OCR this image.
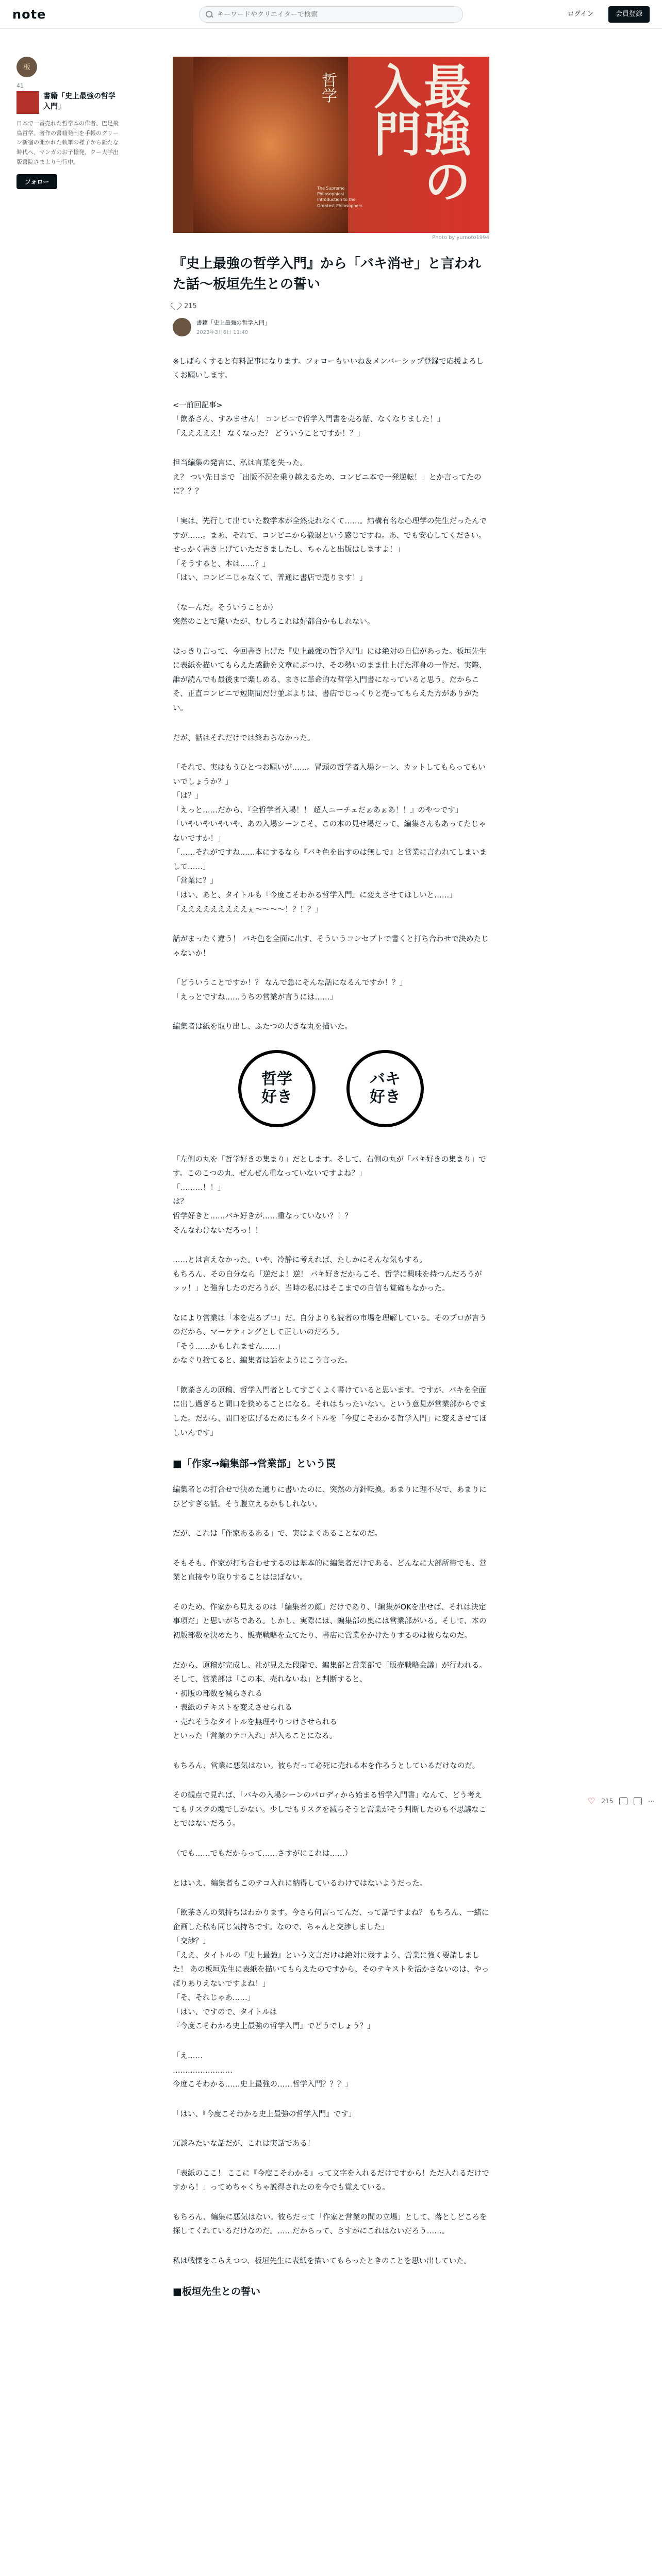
note
キーワードやクリエイターで検索	ログイン	会員登録
板
41
書籍「史上最強の哲学入門」
日本で一番売れた哲学本の作者、巴足飛鳥哲学。著作の書籍発刊を手帳のグリーン新宿の開かれた執筆の様子から新たな時代へ、マンガのお子様発、クー大学出版書院さまより刊行中。
フォロー
哲学	最強の入門
The Supreme Philosophical Introduction to the Greatest Philosophers
Photo by yumoto1994
『史上最強の哲学入門』から「バキ消せ」と言われた話〜板垣先生との誓い
215
書籍「史上最強の哲学入門」
2023年3月6日 11:40

※しばらくすると有料記事になります。フォローもいいね＆メンバーシップ登録で応援よろしくお願いします。

<一前回記事>
「飲茶さん、すみません！ コンビニで哲学入門書を売る話、なくなりました！」
「えええええ！ なくなった？ どういうことですか！？」

担当編集の発言に、私は言葉を失った。
え？ つい先日まで「出版不況を乗り越えるため、コンビニ本で一発逆転！」とか言ってたのに？？？

「実は、先行して出ていた数学本が全然売れなくて……。結構有名な心理学の先生だったんですが……。まあ、それで、コンビニから撤退という感じですね。あ、でも安心してください。せっかく書き上げていただきましたし、ちゃんと出版はしますよ！」
「そうすると、本は……？」
「はい、コンビニじゃなくて、普通に書店で売ります！」

（なーんだ。そういうことか）
突然のことで驚いたが、むしろこれは好都合かもしれない。

はっきり言って、今回書き上げた『史上最強の哲学入門』には絶対の自信があった。板垣先生に表紙を描いてもらえた感動を文章にぶつけ、その勢いのまま仕上げた渾身の一作だ。実際、誰が読んでも最後まで楽しめる、まさに革命的な哲学入門書になっていると思う。だからこそ、正直コンビニで短期間だけ並ぶよりは、書店でじっくりと売ってもらえた方がありがたい。

だが、話はそれだけでは終わらなかった。

「それで、実はもうひとつお願いが……。冒頭の哲学者入場シーン、カットしてもらってもいいでしょうか？」
「は？」
「えっと……だから、『全哲学者入場！！ 超人ニーチェだぁあぁあ！！』のやつです」
「いやいやいやいや、あの入場シーンこそ、この本の見せ場だって、編集さんもあってたじゃないですか！」
「……それがですね……本にするなら『バキ色を出すのは無しで』と営業に言われてしまいまして……」
「営業に？」
「はい、あと、タイトルも『今度こそわかる哲学入門』に変えさせてほしいと……」
「えええええええええぇ〜〜〜〜！？！？」

話がまったく違う！ バキ色を全面に出す、そういうコンセプトで書くと打ち合わせで決めたじゃないか！

「どういうことですか！？ なんで急にそんな話になるんですか！？」
「えっとですね……うちの営業が言うには……」

編集者は紙を取り出し、ふたつの大きな丸を描いた。

哲学
好き
バキ
好き

「左側の丸を「哲学好きの集まり」だとします。そして、右側の丸が「バキ好きの集まり」です。このこつの丸、ぜんぜん重なっていないですよね？」
「………！！」
は？
哲学好きと……バキ好きが……重なっていない？！？
そんなわけないだろっ！！

……とは言えなかった。いや、冷静に考えれば、たしかにそんな気もする。
もちろん、その自分なら「逆だよ！逆！ バキ好きだからこそ、哲学に興味を持つんだろうがッッ！」と強弁したのだろうが、当時の私にはそこまでの自信も覚確もなかった。

なにより営業は「本を売るプロ」だ。自分よりも読者の市場を理解している。そのプロが言うのだから、マーケティングとして正しいのだろう。
「そう……かもしれません……」
かなぐり捨てると、編集者は話をようにこう言った。

「飲茶さんの原稿、哲学入門者としてすごくよく書けていると思います。ですが、バキを全面に出し過ぎると間口を狭めることになる。それはもったいない。という意見が営業部からでました。だから、間口を広げるためにもタイトルを「今度こそわかる哲学入門」に変えさせてほしいんです」

■「作家→編集部→営業部」という罠

編集者との打合せで決めた通りに書いたのに、突然の方針転換。あまりに理不尽で、あまりにひどすぎる話。そう腹立えるかもしれない。

だが、これは「作家あるある」で、実はよくあることなのだ。

そもそも、作家が打ち合わせするのは基本的に編集者だけである。どんなに大部所帯でも、営業と直接やり取りすることはほぼない。

そのため、作家から見えるのは「編集者の顔」だけであり、「編集がOKを出せば、それは決定事項だ」と思いがちである。しかし、実際には、編集部の奥には営業部がいる。そして、本の初版部数を決めたり、販売戦略を立てたり、書店に営業をかけたりするのは彼らなのだ。

だから、原稿が完成し、社が見えた段階で、編集部と営業部で「販売戦略会議」が行われる。そして、営業部は「この本、売れないね」と判断すると、
・初版の部数を減らされる
・表紙のテキストを変えさせられる
・売れそうなタイトルを無理やりつけさせられる
といった「営業のテコ入れ」が入ることになる。

もちろん、営業に悪気はない。彼らだって必死に売れる本を作ろうとしているだけなのだ。

その観点で見れば、「バキの入場シーンのパロディから始まる哲学入門書」なんて、どう考えてもリスクの塊でしかない。少しでもリスクを減らそうと営業がそう判断したのも不思議なことではないだろう。

（でも……でもだからって……さすがにこれは……）

とはいえ、編集者もこのテコ入れに納得しているわけではないようだった。

「飲茶さんの気持ちはわかります。今さら何言ってんだ、って話ですよね？ もちろん、一緒に企画した私も同じ気持ちです。なので、ちゃんと交渉しました」
「交渉？」
「ええ、タイトルの『史上最強』という文言だけは絶対に残すよう、営業に強く要請しました！ あの板垣先生に表紙を描いてもらえたのですから、そのテキストを活かさないのは、やっぱりありえないですよね！」
「そ、それじゃあ……」
「はい、ですので、タイトルは
『今度こそわかる史上最強の哲学入門』でどうでしょう？」

「え……
……………………
今度こそわかる……史上最強の……哲学入門？？？」

「はい、『今度こそわかる史上最強の哲学入門』です」

冗談みたいな話だが、これは実話である！

「表紙のここ！ ここに『今度こそわかる』って文字を入れるだけですから！ただ入れるだけですから！」ってめちゃくちゃ説得されたのを今でも覚えている。

もちろん、編集に悪気はない。彼らだって「作家と営業の間の立場」として、落としどころを探してくれているだけなのだ。……だからって、さすがにこれはないだろう……。

私は戦慄をこらえつつ、板垣先生に表紙を描いてもらったときのことを思い出していた。

■板垣先生との誓い
♡ 215	⋯
